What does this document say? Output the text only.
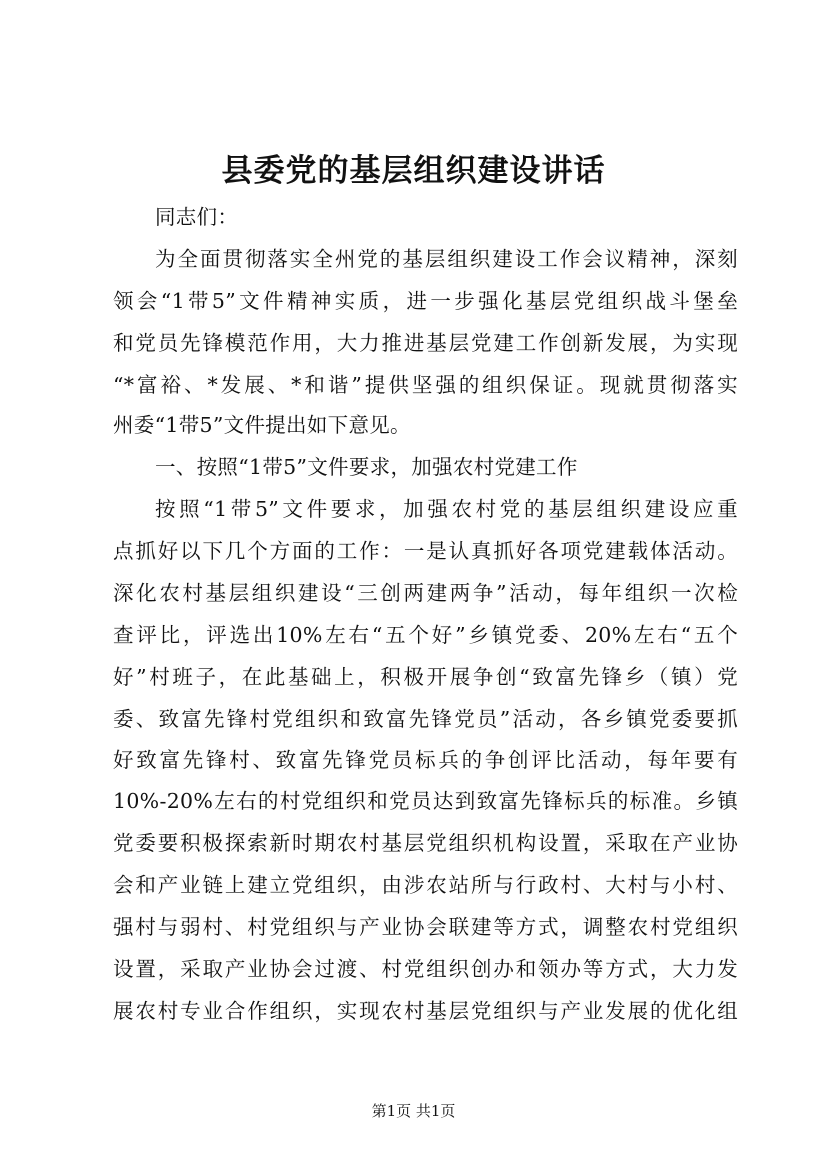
县委党的基层组织建设讲话
同志们：
为全面贯彻落实全州党的基层组织建设工作会议精神，深刻
领会“1带5”文件精神实质，进一步强化基层党组织战斗堡垒
和党员先锋模范作用，大力推进基层党建工作创新发展，为实现
“*富裕、*发展、*和谐”提供坚强的组织保证。现就贯彻落实
州委“1带5”文件提出如下意见。
一、按照“1带5”文件要求，加强农村党建工作
按照“1带5”文件要求，加强农村党的基层组织建设应重
点抓好以下几个方面的工作：一是认真抓好各项党建载体活动。
深化农村基层组织建设“三创两建两争”活动，每年组织一次检
查评比，评选出10%左右“五个好”乡镇党委、20%左右“五个
好”村班子，在此基础上，积极开展争创“致富先锋乡（镇）党
委、致富先锋村党组织和致富先锋党员”活动，各乡镇党委要抓
好致富先锋村、致富先锋党员标兵的争创评比活动，每年要有
10%-20%左右的村党组织和党员达到致富先锋标兵的标准。乡镇
党委要积极探索新时期农村基层党组织机构设置，采取在产业协
会和产业链上建立党组织，由涉农站所与行政村、大村与小村、
强村与弱村、村党组织与产业协会联建等方式，调整农村党组织
设置，采取产业协会过渡、村党组织创办和领办等方式，大力发
展农村专业合作组织，实现农村基层党组织与产业发展的优化组
第1页 共1页
